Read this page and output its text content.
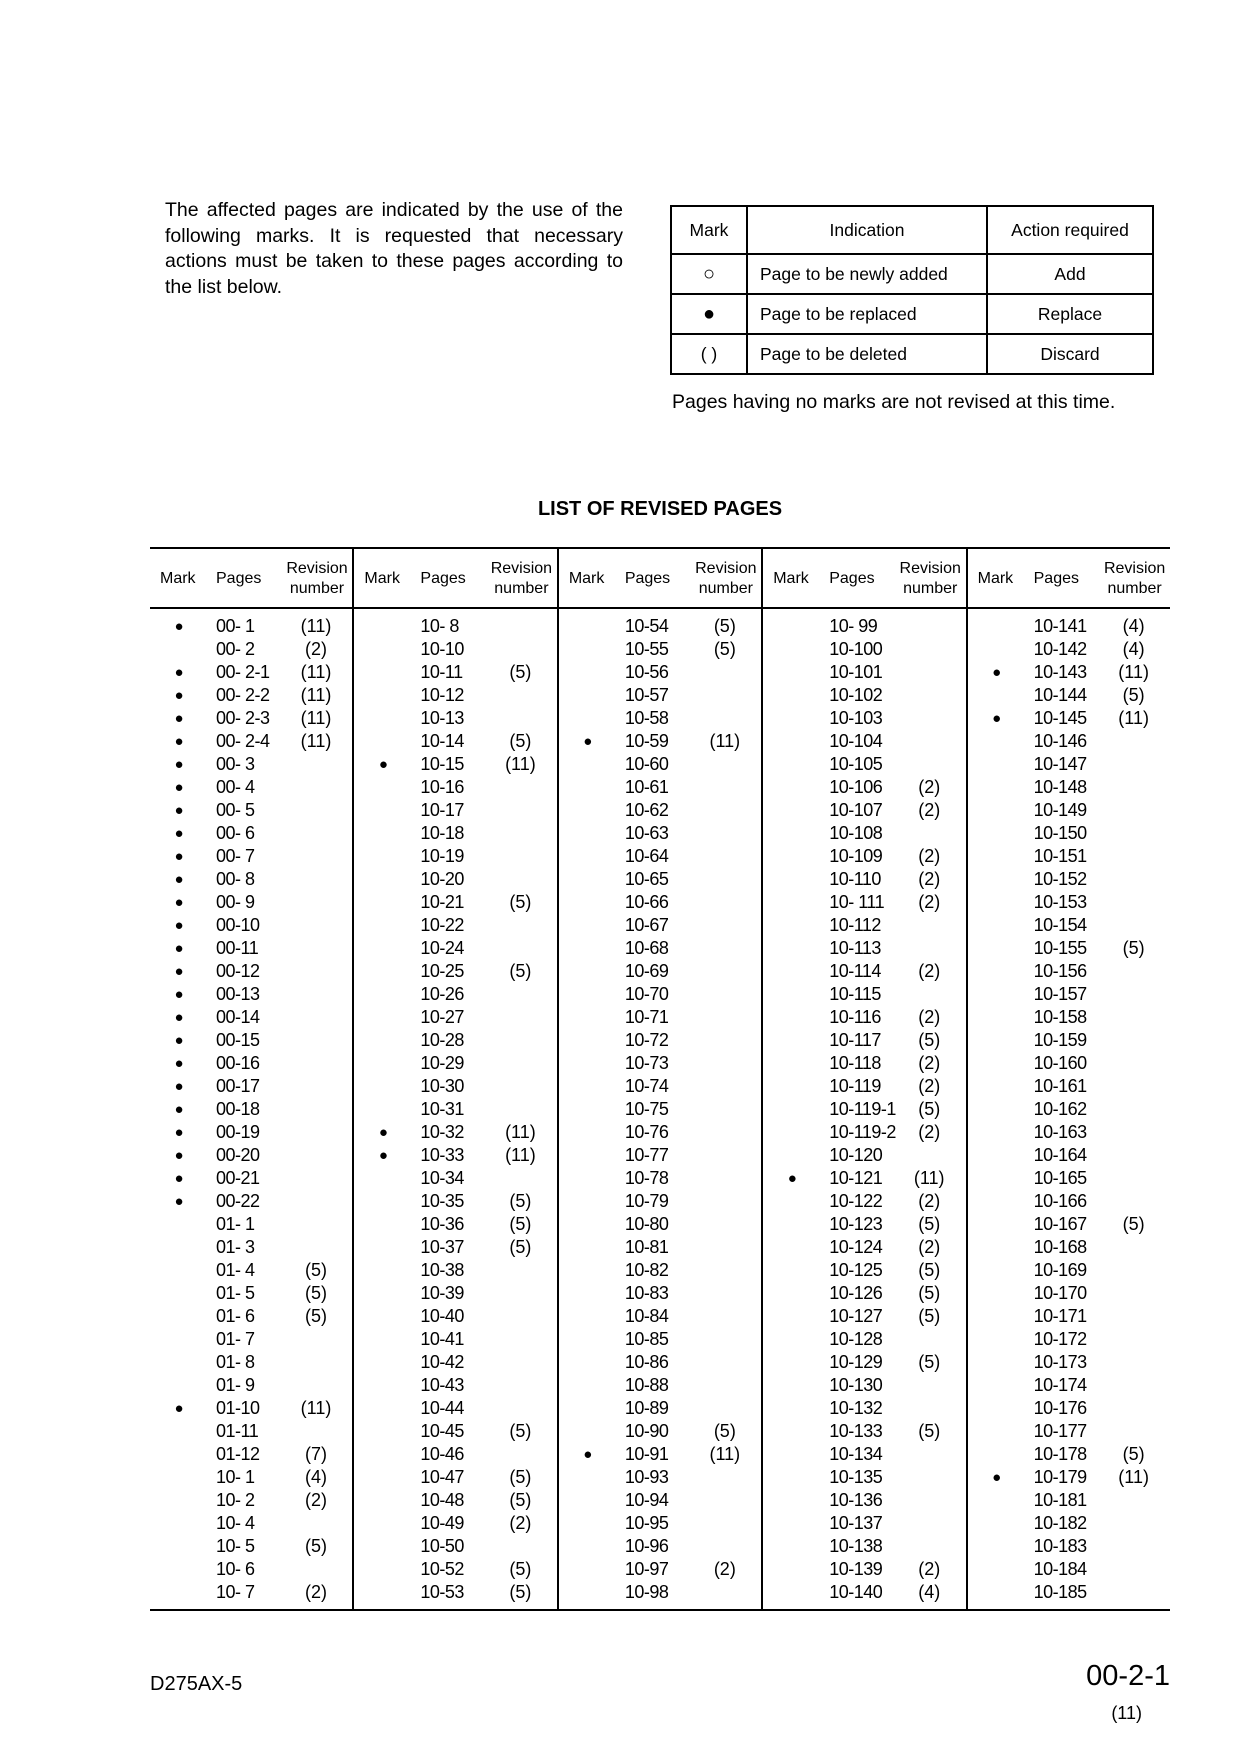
The affected pages are indicated by the use of the following marks. It is requested that necessary actions must be taken to these pages according to the list below.
Mark	Indication	Action required
○	Page to be newly added	Add
●	Page to be replaced	Replace
( )	Page to be deleted	Discard
Pages having no marks are not revised at this time.
LIST OF REVISED PAGES
Mark Pages
Revision
number
● 00- 1	(11)
00- 2	(2)
● 00- 2-1 (11)
● 00- 2-2 (11)
● 00- 2-3 (11)
● 00- 2-4 (11)
● 00- 3
● 00- 4
● 00- 5
● 00- 6
● 00- 7
● 00- 8
● 00- 9
● 00-10
● 00-11
● 00-12
● 00-13
● 00-14
● 00-15
● 00-16
● 00-17
● 00-18
● 00-19
● 00-20
● 00-21
● 00-22
01- 1
01- 3
01- 4	(5)
01- 5	(5)
01- 6	(5)
01- 7
01- 8
01- 9
● 01-10 (11)
01-11
01-12	(7)
10- 1	(4)
10- 2	(2)
10- 4
10- 5	(5)
10- 6
10- 7	(2)
Mark Pages
Revision
number
10- 8
10-10
10-11	(5)
10-12
10-13
10-14	(5)
● 10-15 (11)
10-16
10-17
10-18
10-19
10-20
10-21	(5)
10-22
10-24
10-25	(5)
10-26
10-27
10-28
10-29
10-30
10-31
● 10-32 (11)
● 10-33 (11)
10-34
10-35	(5)
10-36	(5)
10-37	(5)
10-38
10-39
10-40
10-41
10-42
10-43
10-44
10-45	(5)
10-46
10-47	(5)
10-48	(5)
10-49	(2)
10-50
10-52	(5)
10-53	(5)
Mark Pages
Revision
number
10-54	(5)
10-55	(5)
10-56
10-57
10-58
● 10-59 (11)
10-60
10-61
10-62
10-63
10-64
10-65
10-66
10-67
10-68
10-69
10-70
10-71
10-72
10-73
10-74
10-75
10-76
10-77
10-78
10-79
10-80
10-81
10-82
10-83
10-84
10-85
10-86
10-88
10-89
10-90	(5)
● 10-91 (11)
10-93
10-94
10-95
10-96
10-97	(2)
10-98
Mark Pages
Revision
number
10- 99
10-100
10-101
10-102
10-103
10-104
10-105
10-106	(2)
10-107	(2)
10-108
10-109	(2)
10-110	(2)
10- 111	(2)
10-112
10-113
10-114	(2)
10-115
10-116	(2)
10-117	(5)
10-118	(2)
10-119	(2)
10-119-1	(5)
10-119-2	(2)
10-120
● 10-121 (11)
10-122	(2)
10-123	(5)
10-124	(2)
10-125	(5)
10-126	(5)
10-127	(5)
10-128
10-129	(5)
10-130
10-132
10-133	(5)
10-134
10-135
10-136
10-137
10-138
10-139	(2)
10-140	(4)
Mark Pages
Revision
number
10-141	(4)
10-142	(4)
● 10-143 (11)
10-144	(5)
● 10-145 (11)
10-146
10-147
10-148
10-149
10-150
10-151
10-152
10-153
10-154
10-155	(5)
10-156
10-157
10-158
10-159
10-160
10-161
10-162
10-163
10-164
10-165
10-166
10-167	(5)
10-168
10-169
10-170
10-171
10-172
10-173
10-174
10-176
10-177
10-178	(5)
● 10-179 (11)
10-181
10-182
10-183
10-184
10-185
D275AX-5	00-2-1
(11)
